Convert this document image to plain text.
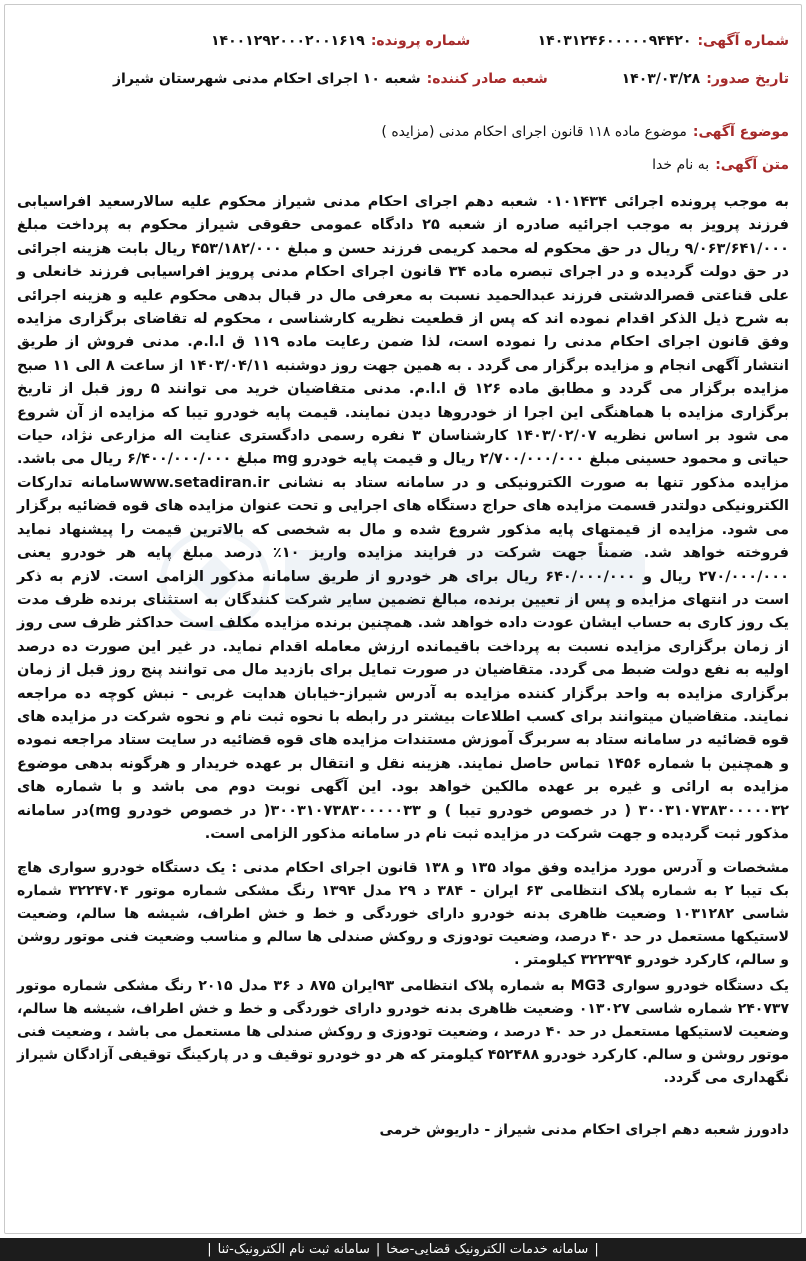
شماره آگهی:۱۴۰۳۱۲۴۶۰۰۰۰۰۹۴۴۲۰
شماره پرونده:۱۴۰۰۱۲۹۲۰۰۰۲۰۰۱۶۱۹
تاریخ صدور:۱۴۰۳/۰۳/۲۸
شعبه صادر کننده:شعبه ۱۰ اجرای احکام مدنی شهرستان شیراز
موضوع آگهی:موضوع ماده ۱۱۸ قانون اجرای احکام مدنی (مزایده )
متن آگهی:به نام خدا
به موجب پرونده اجرائی ۰۱۰۱۴۳۴ شعبه دهم اجرای احکام مدنی شیراز محکوم علیه سالارسعید افراسیابی فرزند پرویز به موجب اجرائیه صادره از شعبه ۲۵ دادگاه عمومی حقوقی شیراز محکوم به پرداخت مبلغ ۹/۰۶۳/۶۴۱/۰۰۰ ریال در حق محکوم له محمد کریمی فرزند حسن و مبلغ ۴۵۳/۱۸۲/۰۰۰ ریال بابت هزینه اجرائی در حق دولت گردیده و در اجرای تبصره ماده ۳۴ قانون اجرای احکام مدنی پرویز افراسیابی فرزند خانعلی و علی قناعتی قصرالدشتی فرزند عبدالحمید نسبت به معرفی مال در قبال بدهی محکوم علیه و هزینه اجرائی به شرح ذیل الذکر اقدام نموده اند که پس از قطعیت نظریه کارشناسی ، محکوم له تقاضای برگزاری مزایده وفق قانون اجرای احکام مدنی را نموده است، لذا ضمن رعایت ماده ۱۱۹ ق ا.ا.م. مدنی فروش از طریق انتشار آگهی انجام و مزایده برگزار می گردد . به همین جهت روز دوشنبه ۱۴۰۳/۰۴/۱۱ از ساعت ۸ الی ۱۱ صبح مزایده برگزار می گردد و مطابق ماده ۱۲۶ ق ا.ا.م. مدنی متقاضیان خرید می توانند ۵ روز قبل از تاریخ برگزاری مزایده با هماهنگی این اجرا از خودروها دیدن نمایند. قیمت پایه خودرو تیبا که مزایده از آن شروع می شود بر اساس نظریه ۱۴۰۳/۰۲/۰۷ کارشناسان ۳ نفره رسمی دادگستری عنایت اله مزارعی نژاد، حیات حیاتی و محمود حسینی مبلغ ۲/۷۰۰/۰۰۰/۰۰۰ ریال و قیمت پایه خودرو mg مبلغ ۶/۴۰۰/۰۰۰/۰۰۰ ریال می باشد. مزایده مذکور تنها به صورت الکترونیکی و در سامانه ستاد به نشانی www.setadiran.irسامانه تدارکات الکترونیکی دولتدر قسمت مزایده های حراج دستگاه های اجرایی و تحت عنوان مزایده های قوه قضائیه برگزار می شود. مزایده از قیمتهای پایه مذکور شروع شده و مال به شخصی که بالاترین قیمت را پیشنهاد نماید فروخته خواهد شد. ضمناً جهت شرکت در فرایند مزایده واریز ۱۰٪ درصد مبلغ پایه هر خودرو یعنی ۲۷۰/۰۰۰/۰۰۰ ریال و ۶۴۰/۰۰۰/۰۰۰ ریال برای هر خودرو از طریق سامانه مذکور الزامی است. لازم به ذکر است در انتهای مزایده و پس از تعیین برنده، مبالغ تضمین سایر شرکت کنندگان به استثنای برنده ظرف مدت یک روز کاری به حساب ایشان عودت داده خواهد شد. همچنین برنده مزایده مکلف است حداکثر ظرف سی روز از زمان برگزاری مزایده نسبت به پرداخت باقیمانده ارزش معامله اقدام نماید. در غیر این صورت ده درصد اولیه به نفع دولت ضبط می گردد. متقاضیان در صورت تمایل برای بازدید مال می توانند پنج روز قبل از زمان برگزاری مزایده به واحد برگزار کننده مزایده به آدرس شیراز-خیابان هدایت غربی - نبش کوچه ده مراجعه نمایند. متقاضیان میتوانند برای کسب اطلاعات بیشتر در رابطه با نحوه ثبت نام و نحوه شرکت در مزایده های قوه قضائیه در سامانه ستاد به سربرگ آموزش مستندات مزایده های قوه قضائیه در سایت ستاد مراجعه نموده و همچنین با شماره ۱۴۵۶ تماس حاصل نمایند. هزینه نقل و انتقال بر عهده خریدار و هرگونه بدهی موضوع مزایده به ارائی و غیره بر عهده مالکین خواهد بود. این آگهی نوبت دوم می باشد و با شماره های ۳۰۰۳۱۰۷۳۸۳۰۰۰۰۰۳۲ ( در خصوص خودرو تیبا ) و ۳۰۰۳۱۰۷۳۸۳۰۰۰۰۰۳۳( در خصوص خودرو mg)در سامانه مذکور ثبت گردیده و جهت شرکت در مزایده ثبت نام در سامانه مذکور الزامی است.
مشخصات و آدرس مورد مزایده وفق مواد ۱۳۵ و ۱۳۸ قانون اجرای احکام مدنی : یک دستگاه خودرو سواری هاچ بک تیبا ۲ به شماره پلاک انتظامی ۶۳ ایران - ۳۸۴ د ۲۹ مدل ۱۳۹۴ رنگ مشکی شماره موتور ۳۲۲۴۷۰۴ شماره شاسی ۱۰۳۱۲۸۲ وضعیت ظاهری بدنه خودرو دارای خوردگی و خط و خش اطراف، شیشه ها سالم، وضعیت لاستیکها مستعمل در حد ۴۰ درصد، وضعیت تودوزی و روکش صندلی ها سالم و مناسب وضعیت فنی موتور روشن و سالم، کارکرد خودرو ۳۲۲۳۹۴ کیلومتر .
یک دستگاه خودرو سواری MG3 به شماره پلاک انتظامی ۹۳ایران ۸۷۵ د ۳۶ مدل ۲۰۱۵ رنگ مشکی شماره موتور ۲۴۰۷۳۷ شماره شاسی ۰۱۳۰۲۷ وضعیت ظاهری بدنه خودرو دارای خوردگی و خط و خش اطراف، شیشه ها سالم، وضعیت لاستیکها مستعمل در حد ۴۰ درصد ، وضعیت تودوزی و روکش صندلی ها مستعمل می باشد ، وضعیت فنی موتور روشن و سالم. کارکرد خودرو ۴۵۲۴۸۸ کیلومتر که هر دو خودرو توقیف و در پارکینگ توقیفی آزادگان شیراز نگهداری می گردد.
دادورز شعبه دهم اجرای احکام مدنی شیراز - داریوش خرمی
|سامانه خدمات الکترونیک قضایی-صخا|سامانه ثبت نام الکترونیک-ثنا|
